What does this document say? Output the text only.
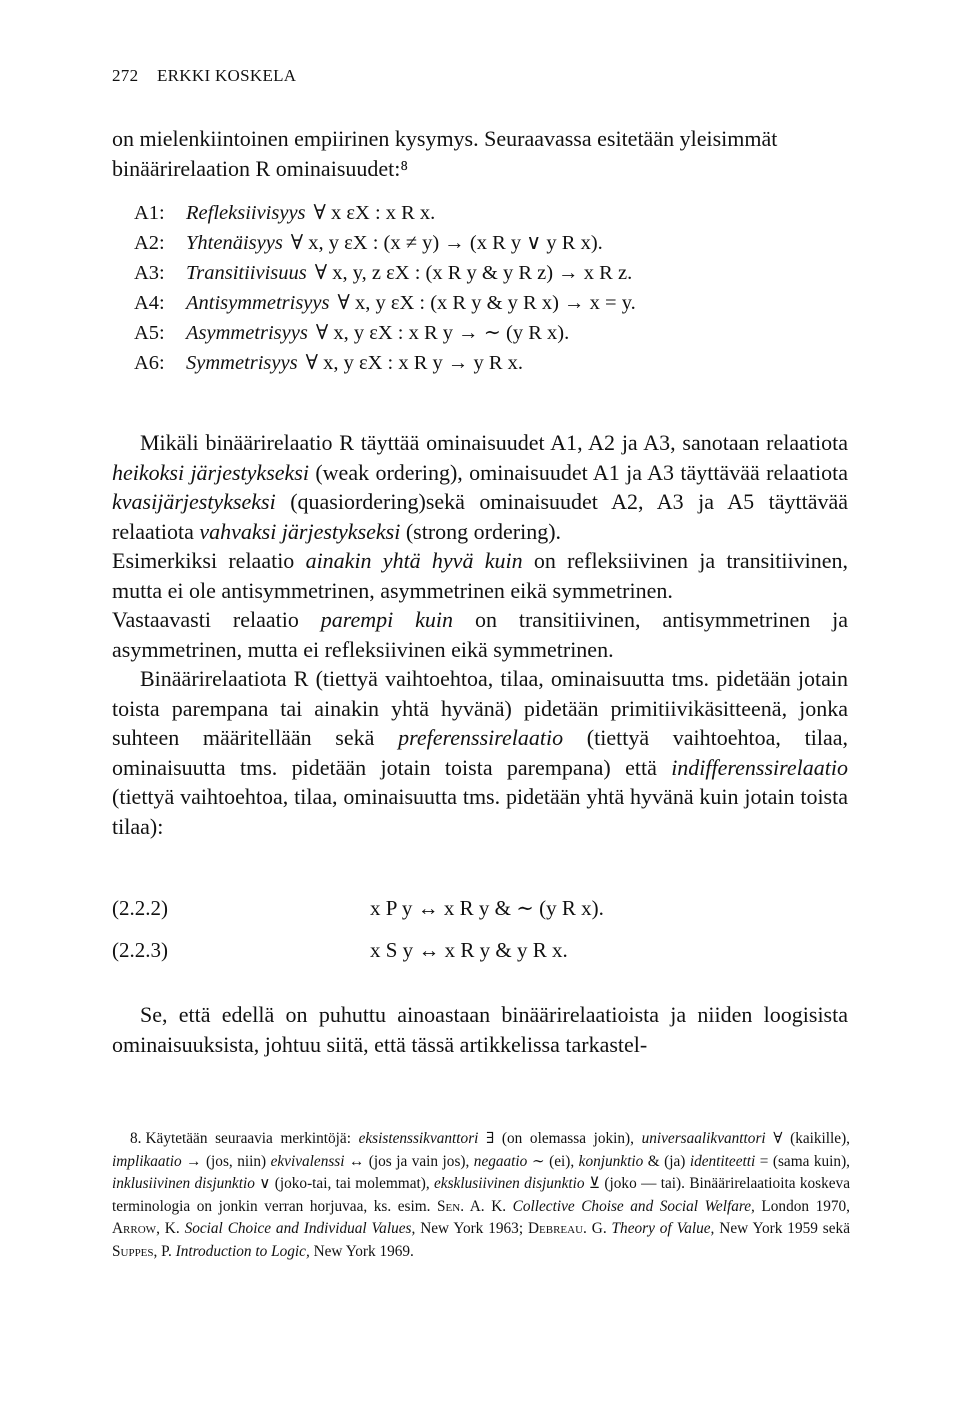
272 ERKKI KOSKELA
on mielenkiintoinen empiirinen kysymys. Seuraavassa esitetään yleisimmät binäärirelaation R ominaisuudet:⁸
A1: Refleksiivisyys ∀ x εX : x R x.
A2: Yhtenäisyys ∀ x, y εX : (x ≠ y) → (x R y ∨ y R x).
A3: Transitiivisuus ∀ x, y, z εX : (x R y & y R z) → x R z.
A4: Antisymmetrisyys ∀ x, y εX : (x R y & y R x) → x = y.
A5: Asymmetrisyys ∀ x, y εX : x R y → ∼ (y R x).
A6: Symmetrisyys ∀ x, y εX : x R y → y R x.

Mikäli binäärirelaatio R täyttää ominaisuudet A1, A2 ja A3, sanotaan relaatiota heikoksi järjestykseksi (weak ordering), ominaisuudet A1 ja A3 täyttävää relaatiota kvasijärjestykseksi (quasiordering)sekä ominaisuudet A2, A3 ja A5 täyttävää relaatiota vahvaksi järjestykseksi (strong ordering).

Esimerkiksi relaatio ainakin yhtä hyvä kuin on refleksiivinen ja transitiivinen, mutta ei ole antisymmetrinen, asymmetrinen eikä symmetrinen.

Vastaavasti relaatio parempi kuin on transitiivinen, antisymmetrinen ja asymmetrinen, mutta ei refleksiivinen eikä symmetrinen.

Binäärirelaatiota R (tiettyä vaihtoehtoa, tilaa, ominaisuutta tms. pidetään jotain toista parempana tai ainakin yhtä hyvänä) pidetään primitiivikäsitteenä, jonka suhteen määritellään sekä preferenssirelaatio (tiettyä vaihtoehtoa, tilaa, ominaisuutta tms. pidetään jotain toista parempana) että indifferenssirelaatio (tiettyä vaihtoehtoa, tilaa, ominaisuutta tms. pidetään yhtä hyvänä kuin jotain toista tilaa):

(2.2.2)	x P y ↔ x R y & ∼ (y R x).
(2.2.3)	x S y ↔ x R y & y R x.
Se, että edellä on puhuttu ainoastaan binäärirelaatioista ja niiden loogisista ominaisuuksista, johtuu siitä, että tässä artikkelissa tarkastel-
8. Käytetään seuraavia merkintöjä: eksistenssikvanttori ∃ (on olemassa jokin), universaalikvanttori ∀ (kaikille), implikaatio → (jos, niin) ekvivalenssi ↔ (jos ja vain jos), negaatio ∼ (ei), konjunktio & (ja) identiteetti = (sama kuin), inklusiivinen disjunktio ∨ (joko-tai, tai molemmat), eksklusiivinen disjunktio ⊻ (joko — tai). Binäärirelaatioita koskeva terminologia on jonkin verran horjuvaa, ks. esim. Sen. A. K. Collective Choise and Social Welfare, London 1970, Arrow, K. Social Choice and Individual Values, New York 1963; Debreau. G. Theory of Value, New York 1959 sekä Suppes, P. Introduction to Logic, New York 1969.
